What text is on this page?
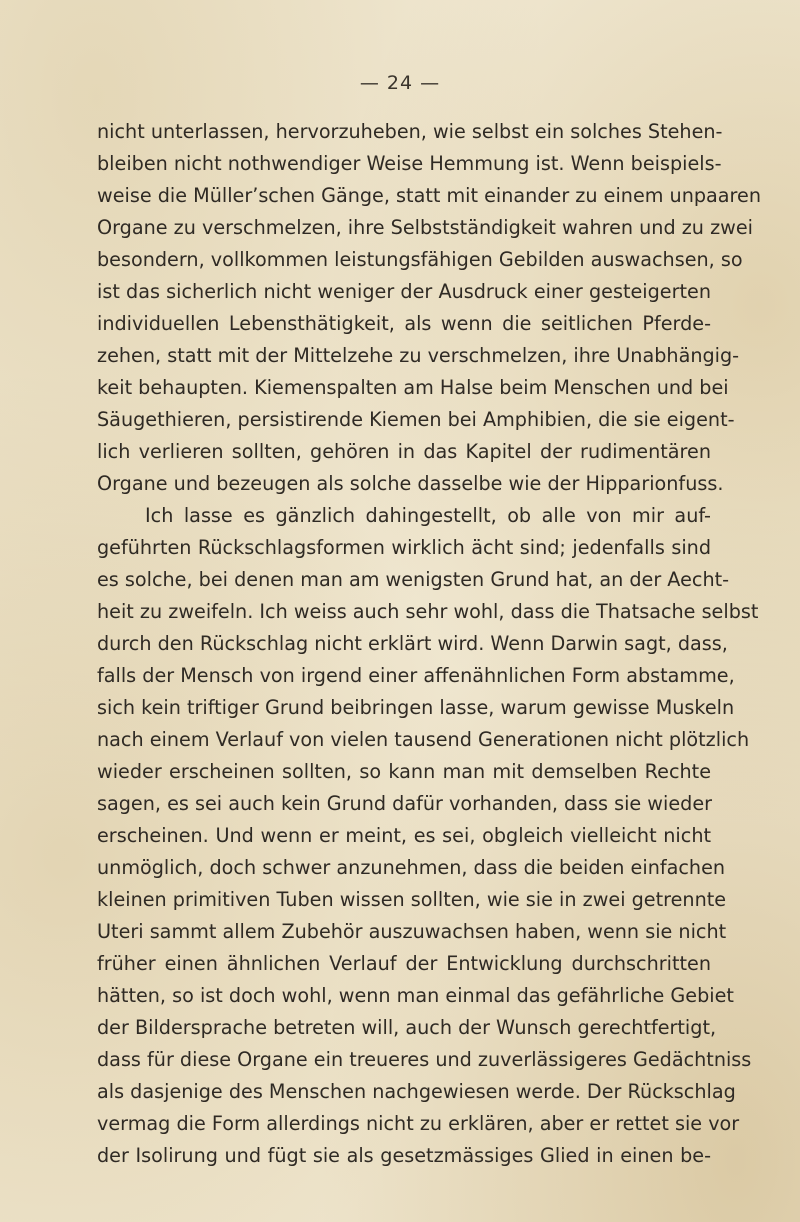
— 24 —
nicht unterlassen, hervorzuheben, wie selbst ein solches Stehen-
bleiben nicht nothwendiger Weise Hemmung ist. Wenn beispiels-
weise die Müller’schen Gänge, statt mit einander zu einem unpaaren
Organe zu verschmelzen, ihre Selbstständigkeit wahren und zu zwei
besondern, vollkommen leistungsfähigen Gebilden auswachsen, so
ist das sicherlich nicht weniger der Ausdruck einer gesteigerten
individuellen Lebensthätigkeit, als wenn die seitlichen Pferde-
zehen, statt mit der Mittelzehe zu verschmelzen, ihre Unabhängig-
keit behaupten. Kiemenspalten am Halse beim Menschen und bei
Säugethieren, persistirende Kiemen bei Amphibien, die sie eigent-
lich verlieren sollten, gehören in das Kapitel der rudimentären
Organe und bezeugen als solche dasselbe wie der Hipparionfuss.
Ich lasse es gänzlich dahingestellt, ob alle von mir auf-
geführten Rückschlagsformen wirklich ächt sind; jedenfalls sind
es solche, bei denen man am wenigsten Grund hat, an der Aecht-
heit zu zweifeln. Ich weiss auch sehr wohl, dass die Thatsache selbst
durch den Rückschlag nicht erklärt wird. Wenn Darwin sagt, dass,
falls der Mensch von irgend einer affenähnlichen Form abstamme,
sich kein triftiger Grund beibringen lasse, warum gewisse Muskeln
nach einem Verlauf von vielen tausend Generationen nicht plötzlich
wieder erscheinen sollten, so kann man mit demselben Rechte
sagen, es sei auch kein Grund dafür vorhanden, dass sie wieder
erscheinen. Und wenn er meint, es sei, obgleich vielleicht nicht
unmöglich, doch schwer anzunehmen, dass die beiden einfachen
kleinen primitiven Tuben wissen sollten, wie sie in zwei getrennte
Uteri sammt allem Zubehör auszuwachsen haben, wenn sie nicht
früher einen ähnlichen Verlauf der Entwicklung durchschritten
hätten, so ist doch wohl, wenn man einmal das gefährliche Gebiet
der Bildersprache betreten will, auch der Wunsch gerechtfertigt,
dass für diese Organe ein treueres und zuverlässigeres Gedächtniss
als dasjenige des Menschen nachgewiesen werde. Der Rückschlag
vermag die Form allerdings nicht zu erklären, aber er rettet sie vor
der Isolirung und fügt sie als gesetzmässiges Glied in einen be-
